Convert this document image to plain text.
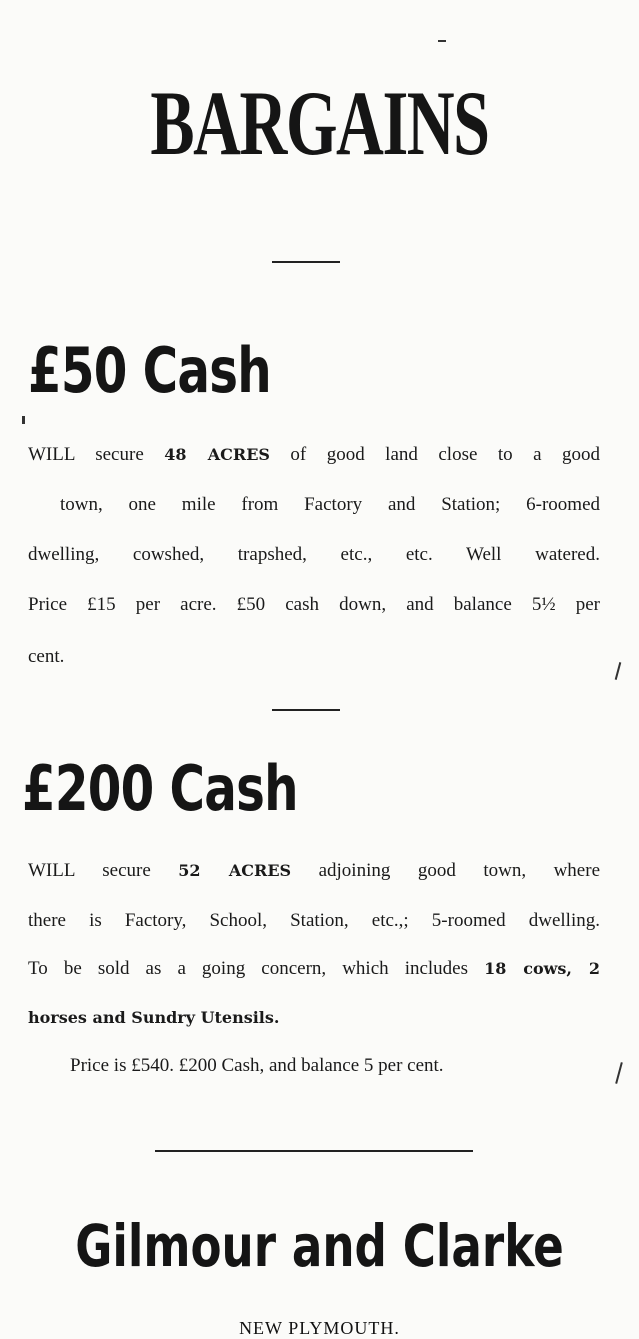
BARGAINS
£50 Cash
WILL secure 48 ACRES of good land close to a good
town, one mile from Factory and Station; 6-roomed
dwelling, cowshed, trapshed, etc., etc. Well watered.
Price £15 per acre. £50 cash down, and balance 5½ per
cent.
£200 Cash
WILL secure 52 ACRES adjoining good town, where
there is Factory, School, Station, etc.,; 5-roomed dwelling.
To be sold as a going concern, which includes 18 cows, 2
horses and Sundry Utensils.
Price is £540. £200 Cash, and balance 5 per cent.
Gilmour and Clarke
NEW PLYMOUTH.
